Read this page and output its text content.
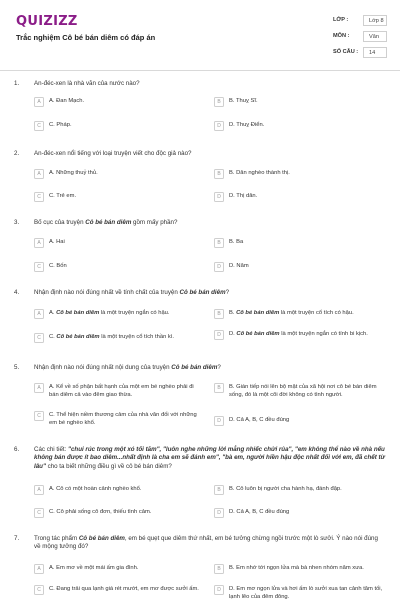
QUIZIZZ
Trắc nghiệm Cô bé bán diêm có đáp án
LỚP :	Lớp 8
MÔN :	Văn
SỐ CÂU :	14
1. An-đéc-xen là nhà văn của nước nào?
A	A. Đan Mạch.	B	B. Thuỵ Sĩ.
C	C. Pháp.	D	D. Thuỵ Điển.
2. An-đéc-xen nổi tiếng với loại truyện viết cho độc giả nào?
A	A. Những thuỷ thủ.	B	B. Dân nghèo thành thị.
C	C. Trẻ em.	D	D. Thị dân.
3. Bố cục của truyện Cô bé bán diêm gồm mấy phần?
A	A. Hai	B	B. Ba
C	C. Bốn	D	D. Năm
4. Nhận định nào nói đúng nhất về tính chất của truyện Cô bé bán diêm?
A	A. Cô bé bán diêm là một truyện ngắn có hậu.	B	B. Cô bé bán diêm là một truyện cổ tích có hậu.
C	C. Cô bé bán diêm là một truyện cổ tích thần kì.	D	D. Cô bé bán diêm là một truyện ngắn có tính bi kịch.
5. Nhận định nào nói đúng nhất nội dung của truyện Cô bé bán diêm?
A	A. Kể về số phận bất hạnh của một em bé nghèo phải đi bán diêm cả vào đêm giao thừa.
B	B. Gián tiếp nói lên bộ mặt của xã hội nơi cô bé bán diêm sống, đó là một cõi đời không có tình người.
C	C. Thể hiện niềm thương cảm của nhà văn đối với những em bé nghèo khổ.	D	D. Cả A, B, C đều đúng
6. Các chi tiết: "chui rúc trong một xó tối tăm", "luôn nghe những lời mắng nhiếc chửi rủa", "em không thể nào về nhà nếu không bán được ít bao diêm...nhất định là cha em sẽ đánh em", "bà em, người hiền hậu độc nhất đối với em, đã chết từ lâu" cho ta biết những điều gì về cô bé bán diêm?
A	A. Cô có một hoàn cảnh nghèo khổ.	B	B. Cô luôn bị người cha hành hạ, đánh đập.
C	C. Cô phải sống cô đơn, thiếu tình cảm.	D	D. Cả A, B, C đều đúng
7. Trong tác phẩm Cô bé bán diêm, em bé quẹt que diêm thứ nhất, em bé tưởng chừng ngồi trước một lò sưởi. Ý nào nói đúng về mộng tưởng đó?
A	A. Em mơ về một mái ấm gia đình.	B	B. Em nhớ tới ngọn lửa mà bà nhen nhóm năm xưa.
C	C. Đang trải qua lạnh giá rét mướt, em mơ được sưởi ấm.	D	D. Em mơ ngọn lửa và hơi ấm lò sưởi xua tan cảnh tăm tối, lạnh lẽo của đêm đông.
